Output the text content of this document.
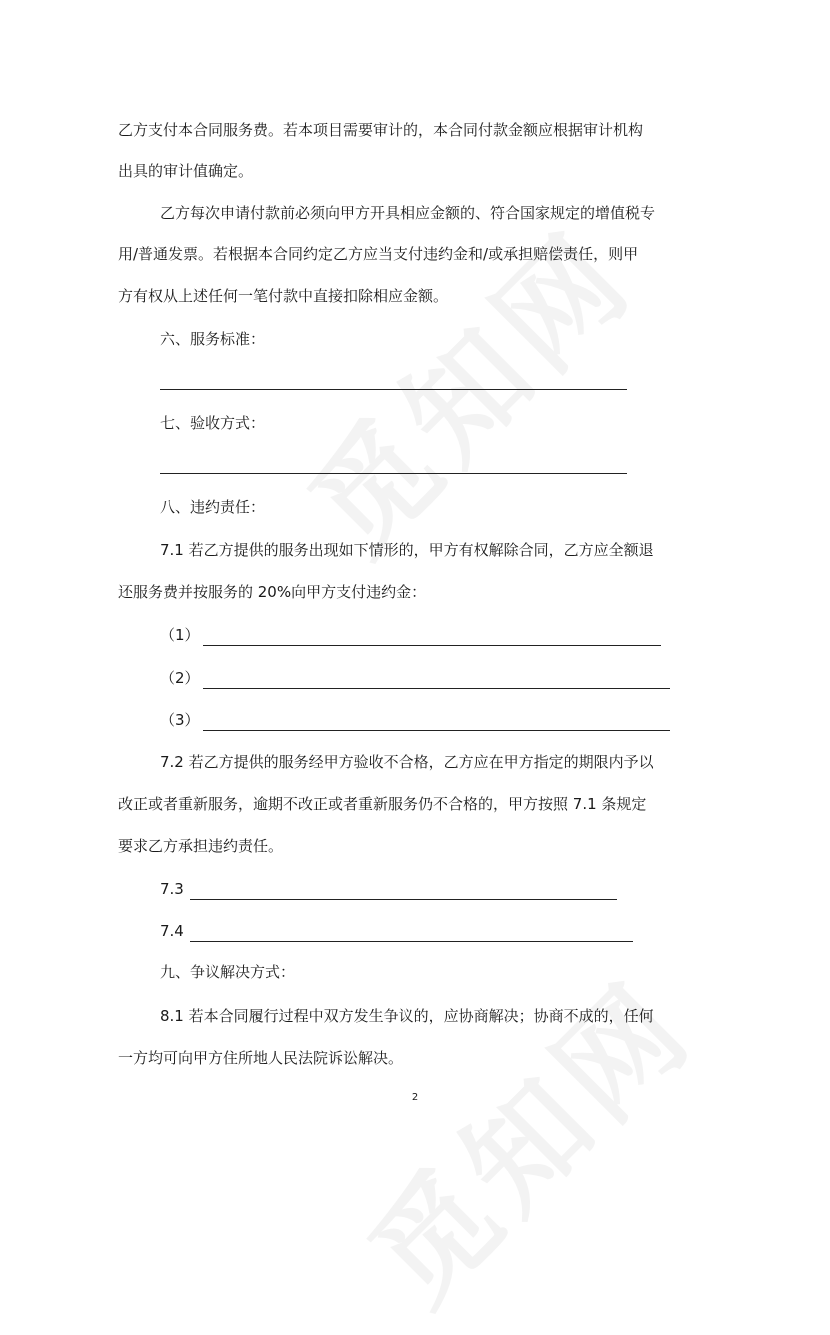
乙方支付本合同服务费。若本项目需要审计的，本合同付款金额应根据审计机构
出具的审计值确定。
乙方每次申请付款前必须向甲方开具相应金额的、符合国家规定的增值税专
用/普通发票。若根据本合同约定乙方应当支付违约金和/或承担赔偿责任，则甲
方有权从上述任何一笔付款中直接扣除相应金额。
六、服务标准：
七、验收方式：
八、违约责任：
7.1 若乙方提供的服务出现如下情形的，甲方有权解除合同，乙方应全额退
还服务费并按服务的 20%向甲方支付违约金：
（1）
（2）
（3）
7.2 若乙方提供的服务经甲方验收不合格，乙方应在甲方指定的期限内予以
改正或者重新服务，逾期不改正或者重新服务仍不合格的，甲方按照 7.1 条规定
要求乙方承担违约责任。
7.3
7.4
九、争议解决方式：
8.1 若本合同履行过程中双方发生争议的，应协商解决；协商不成的，任何
一方均可向甲方住所地人民法院诉讼解决。
2
